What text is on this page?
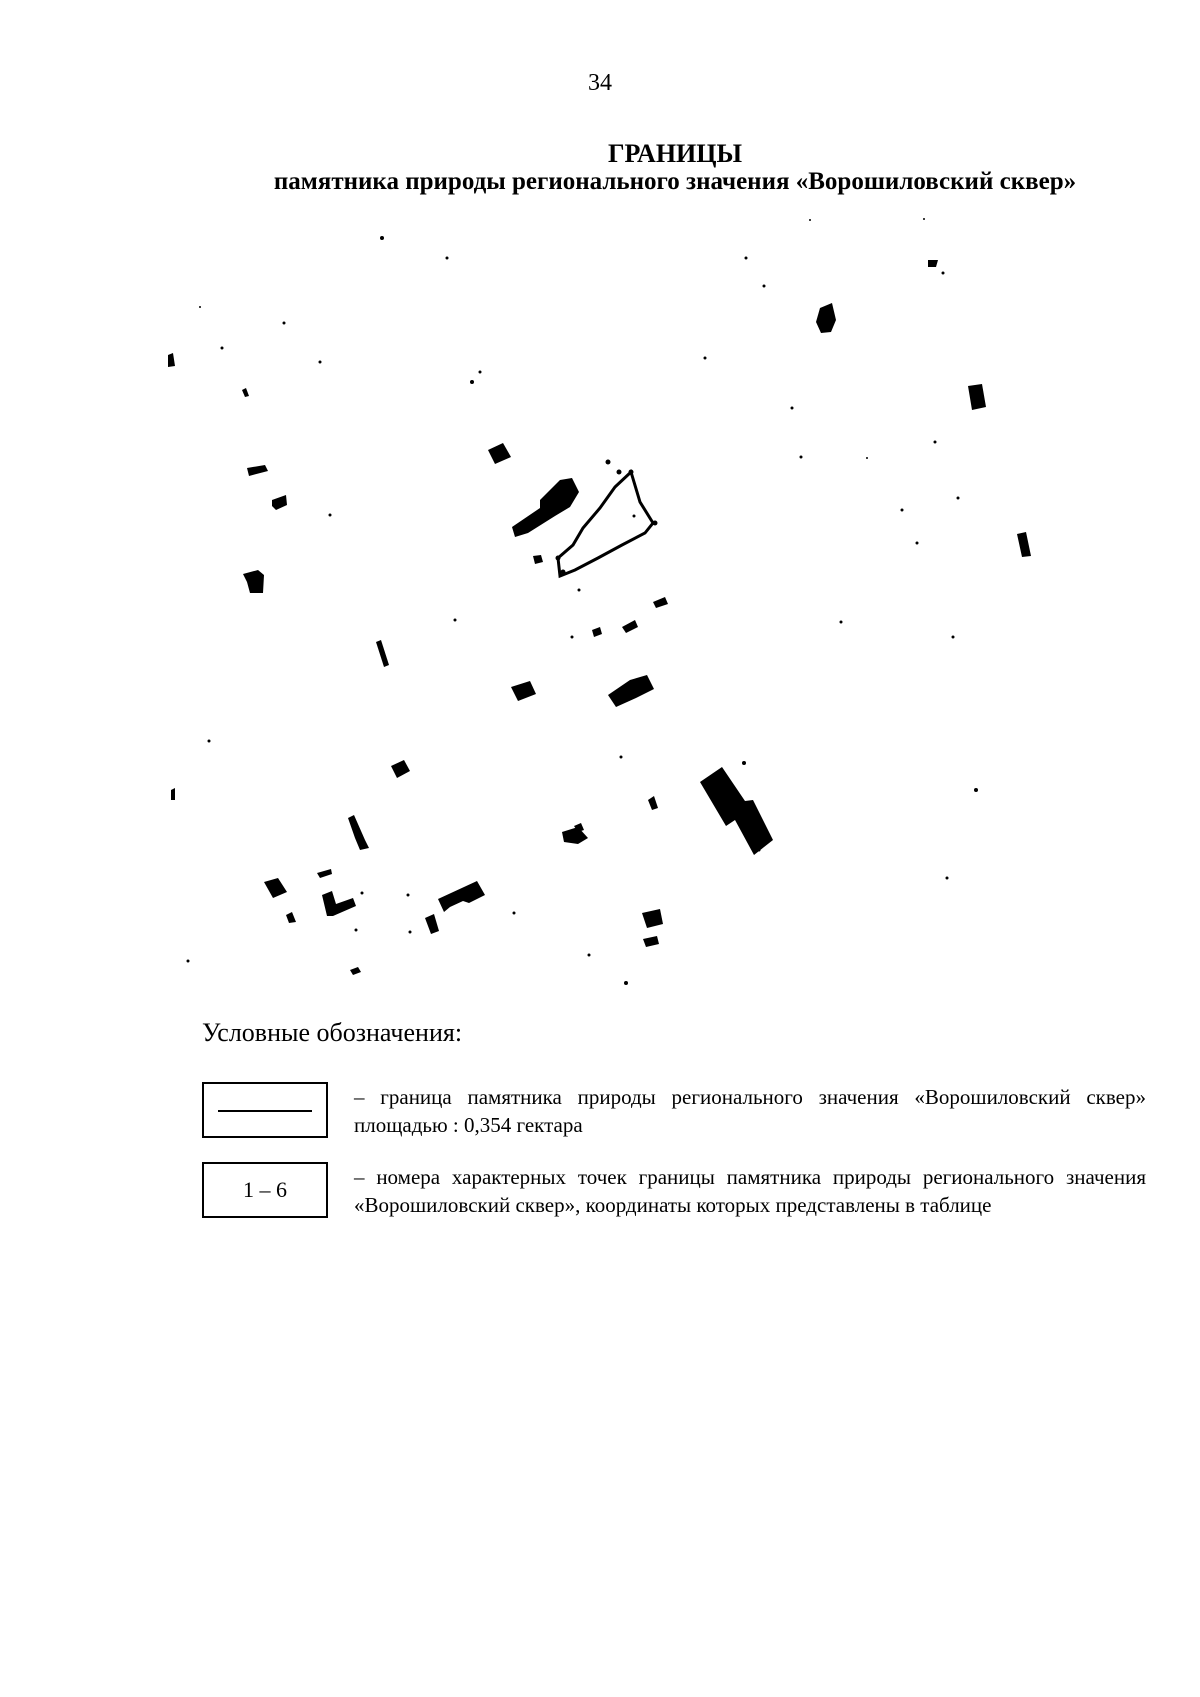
34
ГРАНИЦЫ
памятника природы регионального значения «Ворошиловский сквер»
Условные обозначения:
– граница памятника природы регионального значения «Ворошиловский сквер» площадью : 0,354 гектара
1 – 6	– номера характерных точек границы памятника природы регионального значения «Ворошиловский сквер», координаты которых представлены в таблице
